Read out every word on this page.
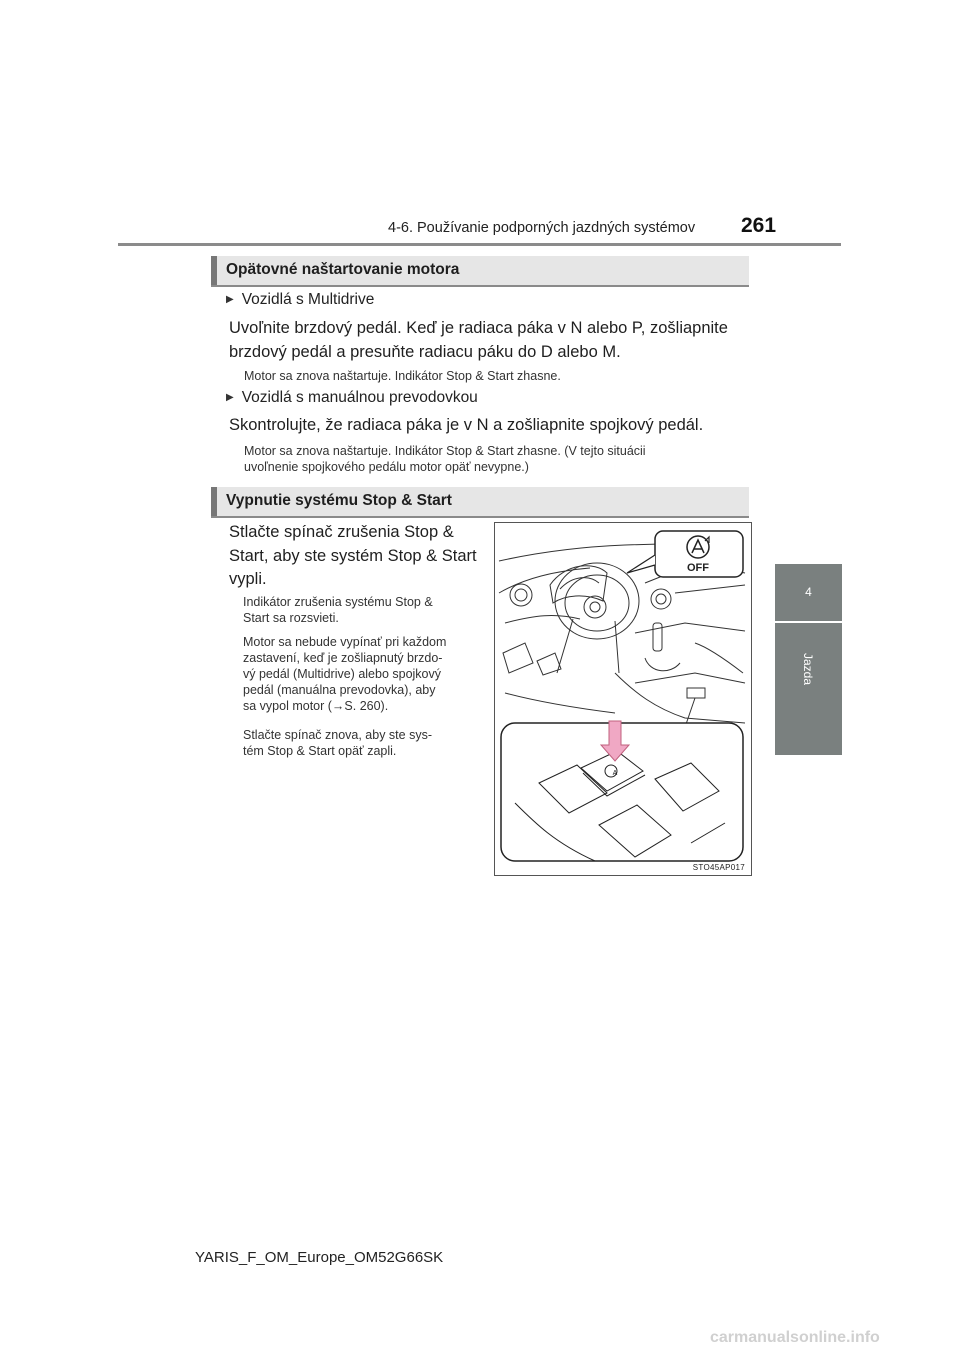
4-6. Používanie podporných jazdných systémov 261
4
Jazda
Opätovné naštartovanie motora
▶ Vozidlá s Multidrive
Uvoľnite brzdový pedál. Keď je radiaca páka v N alebo P, zošliapnite
brzdový pedál a presuňte radiacu páku do D alebo M.
Motor sa znova naštartuje. Indikátor Stop & Start zhasne.
▶ Vozidlá s manuálnou prevodovkou
Skontrolujte, že radiaca páka je v N a zošliapnite spojkový pedál.
Motor sa znova naštartuje. Indikátor Stop & Start zhasne. (V tejto situácii
uvoľnenie spojkového pedálu motor opäť nevypne.)
Vypnutie systému Stop & Start
Stlačte spínač zrušenia Stop &
Start, aby ste systém Stop & Start
vypli.
Indikátor zrušenia systému Stop &
Start sa rozsvieti.
Motor sa nebude vypínať pri každom
zastavení, keď je zošliapnutý brzdo-
vý pedál (Multidrive) alebo spojkový
pedál (manuálna prevodovka), aby
sa vypol motor (→S. 260).
Stlačte spínač znova, aby ste sys-
tém Stop & Start opäť zapli.
OFF
A
STO45AP017
YARIS_F_OM_Europe_OM52G66SK
carmanualsonline.info
